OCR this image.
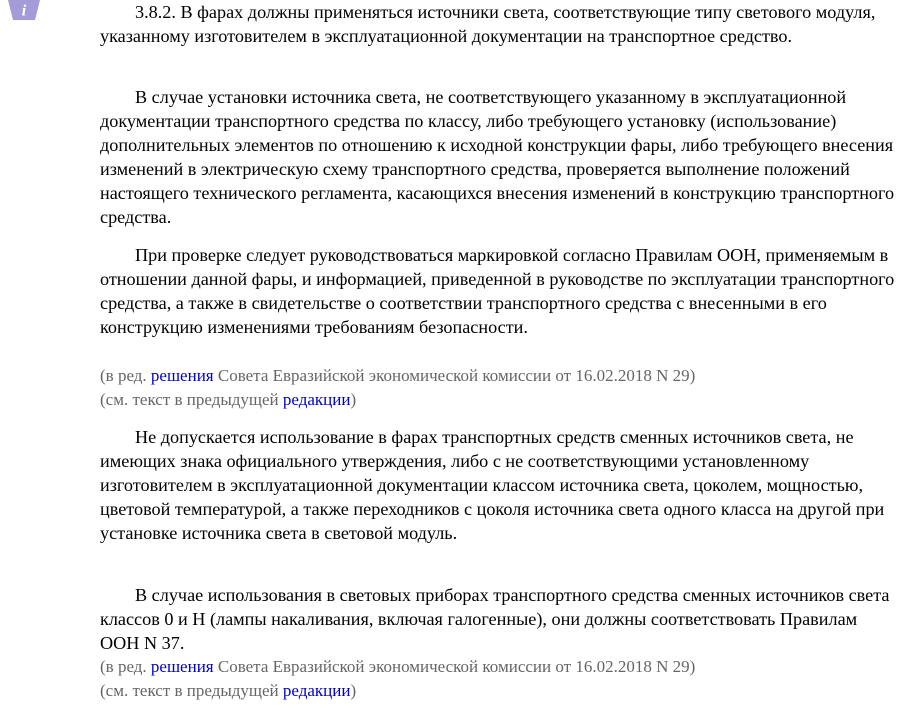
i	3.8.2. В фарах должны применяться источники света, соответствующие типу светового модуля, указанному изготовителем в эксплуатационной документации на транспортное средство.

В случае установки источника света, не соответствующего указанному в эксплуатационной документации транспортного средства по классу, либо требующего установку (использование) дополнительных элементов по отношению к исходной конструкции фары, либо требующего внесения изменений в электрическую схему транспортного средства, проверяется выполнение положений настоящего технического регламента, касающихся внесения изменений в конструкцию транспортного средства.

При проверке следует руководствоваться маркировкой согласно Правилам ООН, применяемым в отношении данной фары, и информацией, приведенной в руководстве по эксплуатации транспортного средства, а также в свидетельстве о соответствии транспортного средства с внесенными в его конструкцию изменениями требованиям безопасности.

(в ред. решения Совета Евразийской экономической комиссии от 16.02.2018 N 29)
(см. текст в предыдущей редакции)

Не допускается использование в фарах транспортных средств сменных источников света, не имеющих знака официального утверждения, либо с не соответствующими установленному изготовителем в эксплуатационной документации классом источника света, цоколем, мощностью, цветовой температурой, а также переходников с цоколя источника света одного класса на другой при установке источника света в световой модуль.

В случае использования в световых приборах транспортного средства сменных источников света классов 0 и H (лампы накаливания, включая галогенные), они должны соответствовать Правилам ООН N 37.

(в ред. решения Совета Евразийской экономической комиссии от 16.02.2018 N 29)
(см. текст в предыдущей редакции)
